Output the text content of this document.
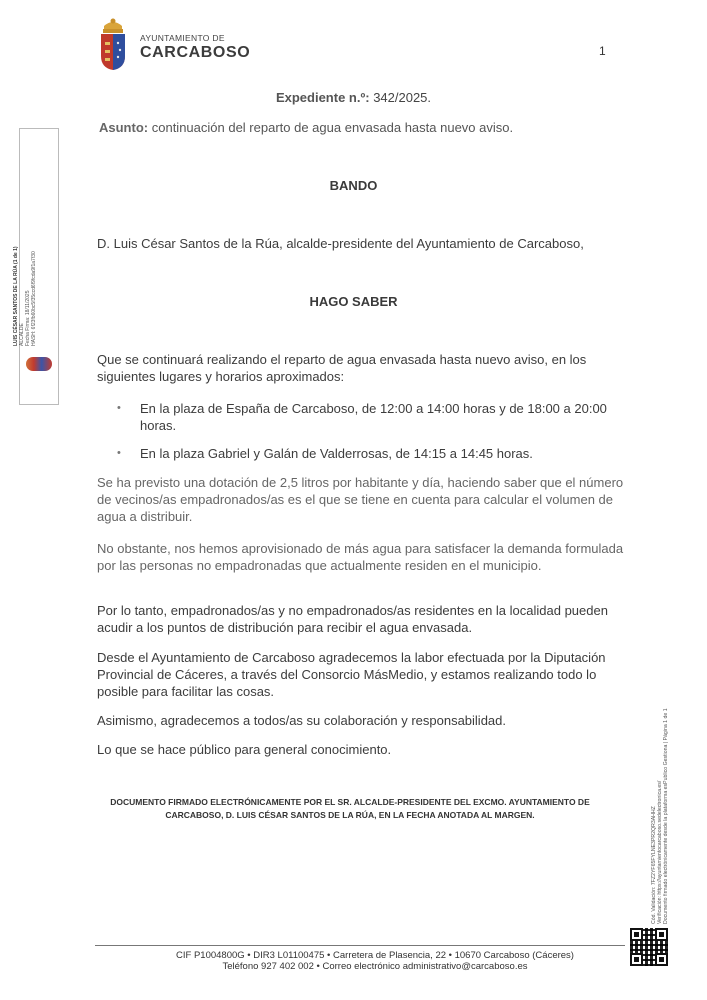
AYUNTAMIENTO DE
CARCABOSO	1
Expediente n.º: 342/2025.
Asunto: continuación del reparto de agua envasada hasta nuevo aviso.
BANDO
D. Luis César Santos de la Rúa, alcalde-presidente del Ayuntamiento de Carcaboso,
HAGO SABER
Que se continuará realizando el reparto de agua envasada hasta nuevo aviso, en los siguientes lugares y horarios aproximados:
•	En la plaza de España de Carcaboso, de 12:00 a 14:00 horas y de 18:00 a 20:00 horas.
•	En la plaza Gabriel y Galán de Valderrosas, de 14:15 a 14:45 horas.
Se ha previsto una dotación de 2,5 litros por habitante y día, haciendo saber que el número de vecinos/as empadronados/as es el que se tiene en cuenta para calcular el volumen de agua a distribuir.
No obstante, nos hemos aprovisionado de más agua para satisfacer la demanda formulada por las personas no empadronadas que actualmente residen en el municipio.
Por lo tanto, empadronados/as y no empadronados/as residentes en la localidad pueden acudir a los puntos de distribución para recibir el agua envasada.
Desde el Ayuntamiento de Carcaboso agradecemos la labor efectuada por la Diputación Provincial de Cáceres, a través del Consorcio MásMedio, y estamos realizando todo lo posible para facilitar las cosas.
Asimismo, agradecemos a todos/as su colaboración y responsabilidad.
Lo que se hace público para general conocimiento.
DOCUMENTO FIRMADO ELECTRÓNICAMENTE POR EL SR. ALCALDE-PRESIDENTE DEL EXCMO. AYUNTAMIENTO DE CARCABOSO, D. LUIS CÉSAR SANTOS DE LA RÚA, EN LA FECHA ANOTADA AL MARGEN.
CIF P1004800G • DIR3 L01100475 • Carretera de Plasencia, 22 • 10670 Carcaboso (Cáceres)
Teléfono 927 402 002 • Correo electrónico administrativo@carcaboso.es
LUIS CÉSAR SANTOS DE LA RÚA (1 de 1) ALCALDE Fecha Firma: 18/11/2025 HASH: 6f23fb60bc5f35ccd6f9fcda9f1a7f30
Cód. Validación: 7FZ2YF65FYLNE3PR2QR3AHHZ Verificación: https://ayuntamientocarcaboso.sedelectronica.es/ Documento firmado electrónicamente desde la plataforma esPublico Gestiona | Página 1 de 1
